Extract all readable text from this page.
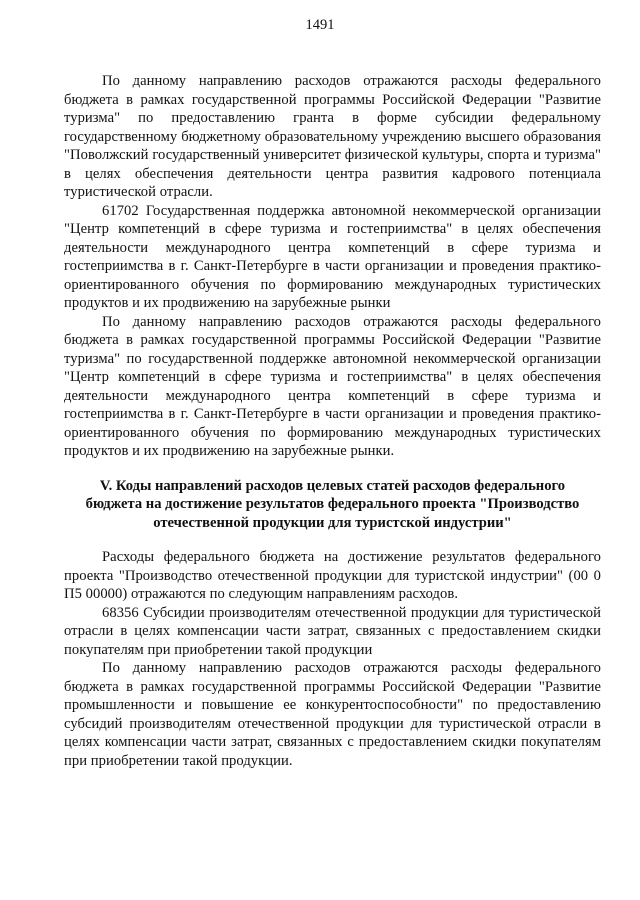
1491

По данному направлению расходов отражаются расходы федерального бюджета в рамках государственной программы Российской Федерации "Развитие туризма" по предоставлению гранта в форме субсидии федеральному государственному бюджетному образовательному учреждению высшего образования "Поволжский государственный университет физической культуры, спорта и туризма" в целях обеспечения деятельности центра развития кадрового потенциала туристической отрасли.

61702 Государственная поддержка автономной некоммерческой организации "Центр компетенций в сфере туризма и гостеприимства" в целях обеспечения деятельности международного центра компетенций в сфере туризма и гостеприимства в г. Санкт-Петербурге в части организации и проведения практико-ориентированного обучения по формированию международных туристических продуктов и их продвижению на зарубежные рынки

По данному направлению расходов отражаются расходы федерального бюджета в рамках государственной программы Российской Федерации "Развитие туризма" по государственной поддержке автономной некоммерческой организации "Центр компетенций в сфере туризма и гостеприимства" в целях обеспечения деятельности международного центра компетенций в сфере туризма и гостеприимства в г. Санкт-Петербурге в части организации и проведения практико-ориентированного обучения по формированию международных туристических продуктов и их продвижению на зарубежные рынки.

V. Коды направлений расходов целевых статей расходов федерального
бюджета на достижение результатов федерального проекта "Производство
отечественной продукции для туристской индустрии"

Расходы федерального бюджета на достижение результатов федерального проекта "Производство отечественной продукции для туристской индустрии" (00 0 П5 00000) отражаются по следующим направлениям расходов.

68356 Субсидии производителям отечественной продукции для туристической отрасли в целях компенсации части затрат, связанных с предоставлением скидки покупателям при приобретении такой продукции

По данному направлению расходов отражаются расходы федерального бюджета в рамках государственной программы Российской Федерации "Развитие промышленности и повышение ее конкурентоспособности" по предоставлению субсидий производителям отечественной продукции для туристической отрасли в целях компенсации части затрат, связанных с предоставлением скидки покупателям при приобретении такой продукции.
